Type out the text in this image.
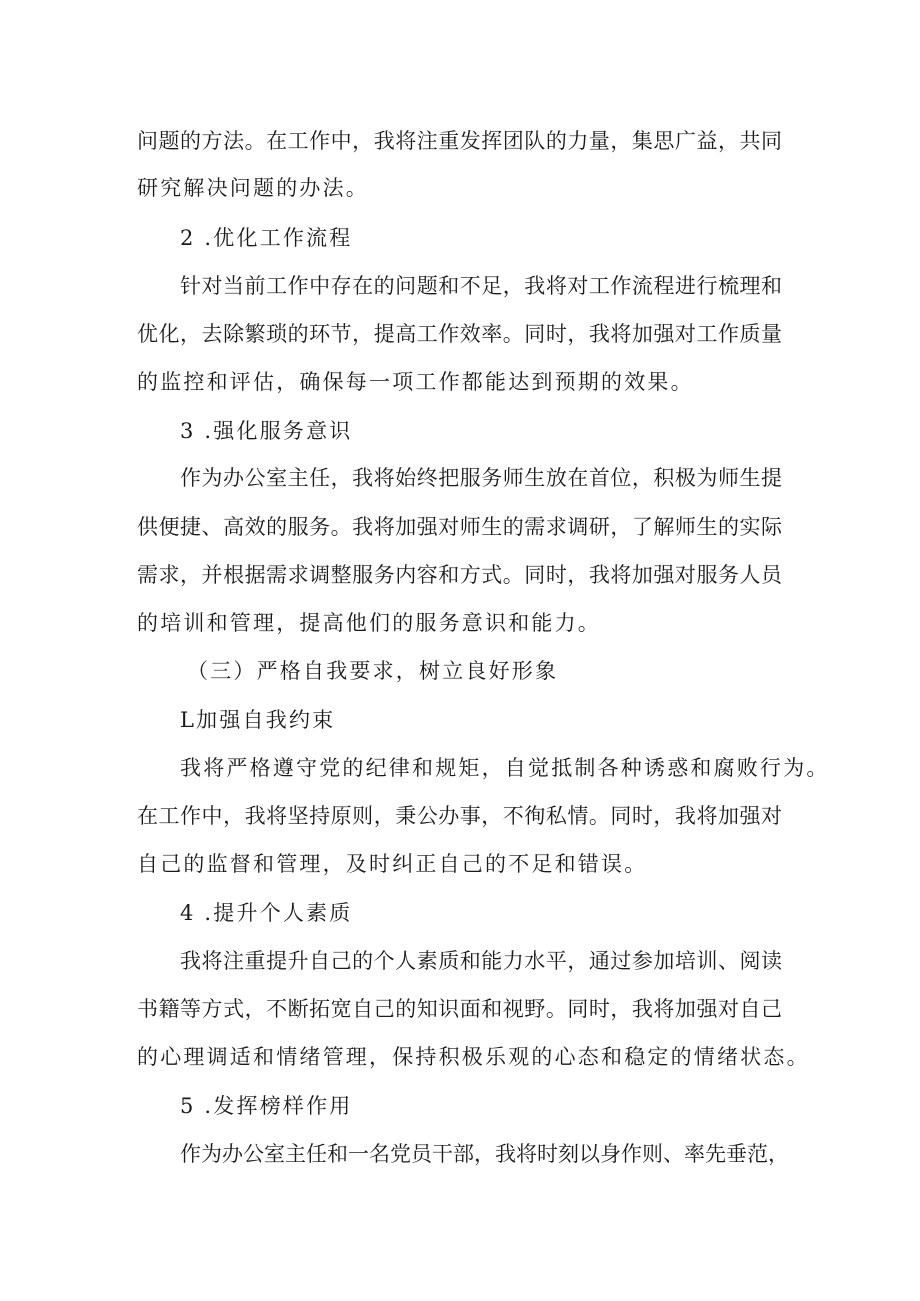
问题的方法。在工作中，我将注重发挥团队的力量，集思广益，共同
研究解决问题的办法。
2 .优化工作流程
针对当前工作中存在的问题和不足，我将对工作流程进行梳理和
优化，去除繁琐的环节，提高工作效率。同时，我将加强对工作质量
的监控和评估，确保每一项工作都能达到预期的效果。
3 .强化服务意识
作为办公室主任，我将始终把服务师生放在首位，积极为师生提
供便捷、高效的服务。我将加强对师生的需求调研，了解师生的实际
需求，并根据需求调整服务内容和方式。同时，我将加强对服务人员
的培训和管理，提高他们的服务意识和能力。
（三）严格自我要求，树立良好形象
L加强自我约束
我将严格遵守党的纪律和规矩，自觉抵制各种诱惑和腐败行为。
在工作中，我将坚持原则，秉公办事，不徇私情。同时，我将加强对
自己的监督和管理，及时纠正自己的不足和错误。
4 .提升个人素质
我将注重提升自己的个人素质和能力水平，通过参加培训、阅读
书籍等方式，不断拓宽自己的知识面和视野。同时，我将加强对自己
的心理调适和情绪管理，保持积极乐观的心态和稳定的情绪状态。
5 .发挥榜样作用
作为办公室主任和一名党员干部，我将时刻以身作则、率先垂范，
